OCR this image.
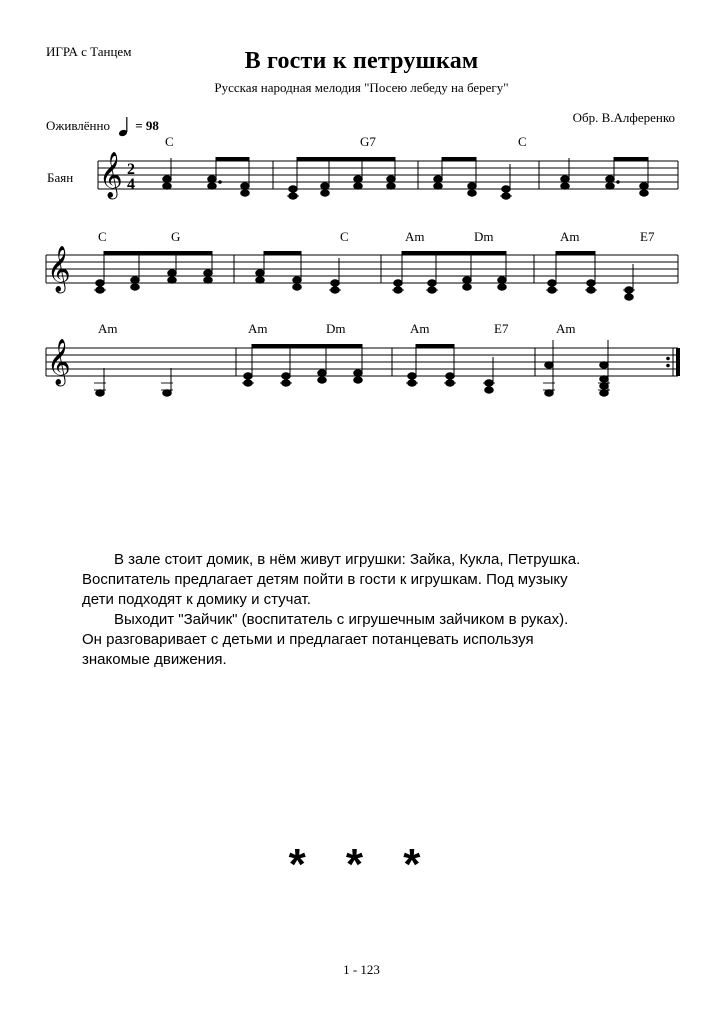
ИГРА с Танцем	В гости к петрушкам
Русская народная мелодия "Посею лебеду на берегу"
Обр. В.Алференко
Оживлённо = 98
Баян 𝄞 2
4
C	G7	C
𝄞
C	G	C	Am	Dm	Am	E7
𝄞
Am	Am	Dm	Am	E7	Am

В зале стоит домик, в нём живут игрушки: Зайка, Кукла, Петрушка.

Воспитатель предлагает детям пойти в гости к игрушкам. Под музыку

дети подходят к домику и стучат.

Выходит "Зайчик" (воспитатель с игрушечным зайчиком в руках).

Он разговаривает с детьми и предлагает потанцевать используя

знакомые движения.

* * *
1 - 123
